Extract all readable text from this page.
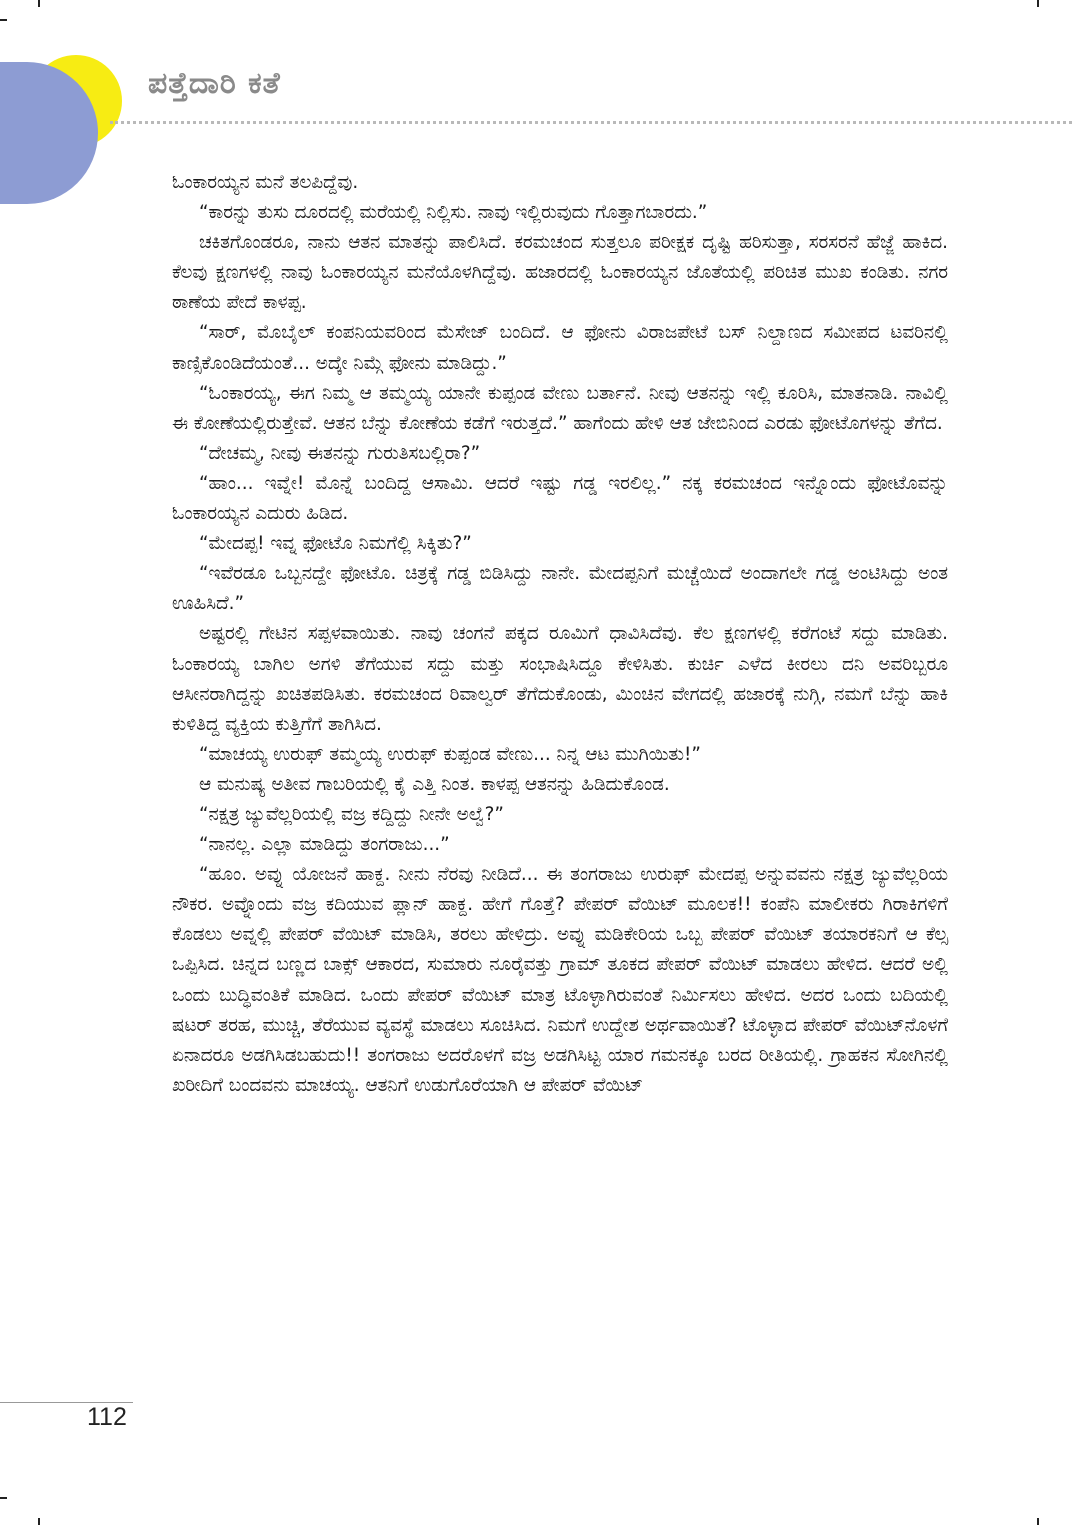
ಪತ್ತೆದಾರಿ ಕತೆ

ಓಂಕಾರಯ್ಯನ ಮನೆ ತಲಪಿದ್ದೆವು.

“ಕಾರನ್ನು ತುಸು ದೂರದಲ್ಲಿ ಮರೆಯಲ್ಲಿ ನಿಲ್ಲಿಸು. ನಾವು ಇಲ್ಲಿರುವುದು ಗೊತ್ತಾಗಬಾರದು.”

ಚಕಿತಗೊಂಡರೂ, ನಾನು ಆತನ ಮಾತನ್ನು ಪಾಲಿಸಿದೆ. ಕರಮಚಂದ ಸುತ್ತಲೂ ಪರೀಕ್ಷಕ ದೃಷ್ಟಿ ಹರಿಸುತ್ತಾ, ಸರಸರನೆ ಹೆಜ್ಜೆ ಹಾಕಿದ. ಕೆಲವು ಕ್ಷಣಗಳಲ್ಲಿ ನಾವು ಓಂಕಾರಯ್ಯನ ಮನೆಯೊಳಗಿದ್ದೆವು. ಹಜಾರದಲ್ಲಿ ಓಂಕಾರಯ್ಯನ ಜೊತೆಯಲ್ಲಿ ಪರಿಚಿತ ಮುಖ ಕಂಡಿತು. ನಗರ ಠಾಣೆಯ ಪೇದೆ ಕಾಳಪ್ಪ.

“ಸಾರ್, ಮೊಬೈಲ್ ಕಂಪನಿಯವರಿಂದ ಮೆಸೇಜ್ ಬಂದಿದೆ. ಆ ಫೋನು ವಿರಾಜಪೇಟೆ ಬಸ್ ನಿಲ್ದಾಣದ ಸಮೀಪದ ಟವರಿನಲ್ಲಿ ಕಾಣ್ಸಿಕೊಂಡಿದೆಯಂತೆ... ಅದ್ಕೇ ನಿಮ್ಗೆ ಫೋನು ಮಾಡಿದ್ದು.”

“ಓಂಕಾರಯ್ಯ, ಈಗ ನಿಮ್ಮ ಆ ತಮ್ಮಯ್ಯ ಯಾನೇ ಕುಪ್ಪಂಡ ವೇಣು ಬರ್ತಾನೆ. ನೀವು ಆತನನ್ನು ಇಲ್ಲಿ ಕೂರಿಸಿ, ಮಾತನಾಡಿ. ನಾವಿಲ್ಲಿ ಈ ಕೋಣೆಯಲ್ಲಿರುತ್ತೇವೆ. ಆತನ ಬೆನ್ನು ಕೋಣೆಯ ಕಡೆಗೆ ಇರುತ್ತದೆ.” ಹಾಗೆಂದು ಹೇಳಿ ಆತ ಜೇಬಿನಿಂದ ಎರಡು ಫೋಟೊಗಳನ್ನು ತೆಗೆದ.

“ದೇಚಮ್ಮ, ನೀವು ಈತನನ್ನು ಗುರುತಿಸಬಲ್ಲಿರಾ?”

“ಹಾಂ... ಇವ್ನೇ! ಮೊನ್ನೆ ಬಂದಿದ್ದ ಆಸಾಮಿ. ಆದರೆ ಇಷ್ಟು ಗಡ್ಡ ಇರಲಿಲ್ಲ.” ನಕ್ಕ ಕರಮಚಂದ ಇನ್ನೊಂದು ಫೋಟೊವನ್ನು ಓಂಕಾರಯ್ಯನ ಎದುರು ಹಿಡಿದ.

“ಮೇದಪ್ಪ! ಇವ್ನ ಫೋಟೊ ನಿಮಗೆಲ್ಲಿ ಸಿಕ್ಕಿತು?”

“ಇವೆರಡೂ ಒಬ್ಬನದ್ದೇ ಫೋಟೊ. ಚಿತ್ರಕ್ಕೆ ಗಡ್ಡ ಬಿಡಿಸಿದ್ದು ನಾನೇ. ಮೇದಪ್ಪನಿಗೆ ಮಚ್ಚೆಯಿದೆ ಅಂದಾಗಲೇ ಗಡ್ಡ ಅಂಟಿಸಿದ್ದು ಅಂತ ಊಹಿಸಿದೆ.”

ಅಷ್ಟರಲ್ಲಿ ಗೇಟಿನ ಸಪ್ಪಳವಾಯಿತು. ನಾವು ಚಂಗನೆ ಪಕ್ಕದ ರೂಮಿಗೆ ಧಾವಿಸಿದೆವು. ಕೆಲ ಕ್ಷಣಗಳಲ್ಲಿ ಕರೆಗಂಟೆ ಸದ್ದು ಮಾಡಿತು. ಓಂಕಾರಯ್ಯ ಬಾಗಿಲ ಅಗಳಿ ತೆಗೆಯುವ ಸದ್ದು ಮತ್ತು ಸಂಭಾಷಿಸಿದ್ದೂ ಕೇಳಿಸಿತು. ಕುರ್ಚಿ ಎಳೆದ ಕೀರಲು ದನಿ ಅವರಿಬ್ಬರೂ ಆಸೀನರಾಗಿದ್ದನ್ನು ಖಚಿತಪಡಿಸಿತು. ಕರಮಚಂದ ರಿವಾಲ್ವರ್ ತೆಗೆದುಕೊಂಡು, ಮಿಂಚಿನ ವೇಗದಲ್ಲಿ ಹಜಾರಕ್ಕೆ ನುಗ್ಗಿ, ನಮಗೆ ಬೆನ್ನು ಹಾಕಿ ಕುಳಿತಿದ್ದ ವ್ಯಕ್ತಿಯ ಕುತ್ತಿಗೆಗೆ ತಾಗಿಸಿದ.

“ಮಾಚಯ್ಯ ಉರುಫ್ ತಮ್ಮಯ್ಯ ಉರುಫ್ ಕುಪ್ಪಂಡ ವೇಣು... ನಿನ್ನ ಆಟ ಮುಗಿಯಿತು!”

ಆ ಮನುಷ್ಯ ಅತೀವ ಗಾಬರಿಯಲ್ಲಿ ಕೈ ಎತ್ತಿ ನಿಂತ. ಕಾಳಪ್ಪ ಆತನನ್ನು ಹಿಡಿದುಕೊಂಡ.

“ನಕ್ಷತ್ರ ಜ್ಯುವೆಲ್ಲರಿಯಲ್ಲಿ ವಜ್ರ ಕದ್ದಿದ್ದು ನೀನೇ ಅಲ್ವೆ?”

“ನಾನಲ್ಲ. ಎಲ್ಲಾ ಮಾಡಿದ್ದು ತಂಗರಾಜು...”

“ಹೂಂ. ಅವ್ನು ಯೋಜನೆ ಹಾಕ್ದ. ನೀನು ನೆರವು ನೀಡಿದೆ... ಈ ತಂಗರಾಜು ಉರುಫ್ ಮೇದಪ್ಪ ಅನ್ನುವವನು ನಕ್ಷತ್ರ ಜ್ಯುವೆಲ್ಲರಿಯ ನೌಕರ. ಅವ್ನೊಂದು ವಜ್ರ ಕದಿಯುವ ಪ್ಲಾನ್ ಹಾಕ್ದ. ಹೇಗೆ ಗೊತ್ತೆ? ಪೇಪರ್ ವೆಯಿಟ್ ಮೂಲಕ!! ಕಂಪೆನಿ ಮಾಲೀಕರು ಗಿರಾಕಿಗಳಿಗೆ ಕೊಡಲು ಅವ್ನಲ್ಲಿ ಪೇಪರ್ ವೆಯಿಟ್ ಮಾಡಿಸಿ, ತರಲು ಹೇಳಿದ್ರು. ಅವ್ನು ಮಡಿಕೇರಿಯ ಒಬ್ಬ ಪೇಪರ್ ವೆಯಿಟ್ ತಯಾರಕನಿಗೆ ಆ ಕೆಲ್ಸ ಒಪ್ಪಿಸಿದ. ಚಿನ್ನದ ಬಣ್ಣದ ಬಾಕ್ಸ್ ಆಕಾರದ, ಸುಮಾರು ನೂರೈವತ್ತು ಗ್ರಾಮ್ ತೂಕದ ಪೇಪರ್ ವೆಯಿಟ್ ಮಾಡಲು ಹೇಳಿದ. ಆದರೆ ಅಲ್ಲಿ ಒಂದು ಬುದ್ಧಿವಂತಿಕೆ ಮಾಡಿದ. ಒಂದು ಪೇಪರ್ ವೆಯಿಟ್ ಮಾತ್ರ ಟೊಳ್ಳಾಗಿರುವಂತೆ ನಿರ್ಮಿಸಲು ಹೇಳಿದ. ಅದರ ಒಂದು ಬದಿಯಲ್ಲಿ ಷಟರ್ ತರಹ, ಮುಚ್ಚಿ, ತೆರೆಯುವ ವ್ಯವಸ್ಥೆ ಮಾಡಲು ಸೂಚಿಸಿದ. ನಿಮಗೆ ಉದ್ದೇಶ ಅರ್ಥವಾಯಿತೆ? ಟೊಳ್ಳಾದ ಪೇಪರ್ ವೆಯಿಟ್‌ನೊಳಗೆ ಏನಾದರೂ ಅಡಗಿಸಿಡಬಹುದು!! ತಂಗರಾಜು ಅದರೊಳಗೆ ವಜ್ರ ಅಡಗಿಸಿಟ್ಟ ಯಾರ ಗಮನಕ್ಕೂ ಬರದ ರೀತಿಯಲ್ಲಿ. ಗ್ರಾಹಕನ ಸೋಗಿನಲ್ಲಿ ಖರೀದಿಗೆ ಬಂದವನು ಮಾಚಯ್ಯ. ಆತನಿಗೆ ಉಡುಗೊರೆಯಾಗಿ ಆ ಪೇಪರ್ ವೆಯಿಟ್

112
